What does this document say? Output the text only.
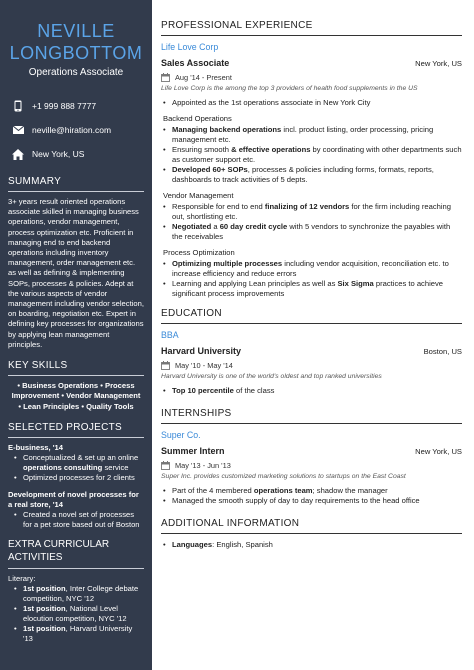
NEVILLE
LONGBOTTOM
Operations Associate
+1 999 888 7777
neville@hiration.com
New York, US
SUMMARY
3+ years result oriented operations associate skilled in managing business operations, vendor management, process optimization etc. Proficient in managing end to end backend operations including inventory management, order management etc. as well as defining & implementing SOPs, processes & policies. Adept at the various aspects of vendor management including vendor selection, on boarding, negotiation etc. Expert in defining key processes for organizations by applying lean management principles.
KEY SKILLS
• Business Operations • Process
Improvement • Vendor Management
• Lean Principles • Quality Tools
SELECTED PROJECTS
E-business, '14
• Conceptualized & set up an online operations consulting service
• Optimized processes for 2 clients
Development of novel processes for a real store, '14
• Created a novel set of processes for a pet store based out of Boston
EXTRA CURRICULAR
ACTIVITIES
Literary:
• 1st position, Inter College debate competition, NYC '12
• 1st position, National Level elocution competition, NYC '12
• 1st position, Harvard University '13
PROFESSIONAL EXPERIENCE
Life Love Corp
Sales Associate	New York, US
Aug '14 - Present
Life Love Corp is the among the top 3 providers of health food supplements in the US
• Appointed as the 1st operations associate in New York City
Backend Operations
• Managing backend operations incl. product listing, order processing, pricing management etc.
• Ensuring smooth & effective operations by coordinating with other departments such as customer support etc.
• Developed 60+ SOPs, processes & policies including forms, formats, reports, dashboards to track activities of 5 depts.
Vendor Management
• Responsible for end to end finalizing of 12 vendors for the firm including reaching out, shortlisting etc.
• Negotiated a 60 day credit cycle with 5 vendors to synchronize the payables with the receivables
Process Optimization
• Optimizing multiple processes including vendor acquisition, reconciliation etc. to increase efficiency and reduce errors
• Learning and applying Lean principles as well as Six Sigma practices to achieve significant process improvements
EDUCATION
BBA
Harvard University	Boston, US
May '10 - May '14
Harvard University is one of the world's oldest and top ranked universities
• Top 10 percentile of the class
INTERNSHIPS
Super Co.
Summer Intern	New York, US
May '13 - Jun '13
Super Inc. provides customized marketing solutions to startups on the East Coast
• Part of the 4 membered operations team; shadow the manager
• Managed the smooth supply of day to day requirements to the head office
ADDITIONAL INFORMATION
• Languages: English, Spanish
